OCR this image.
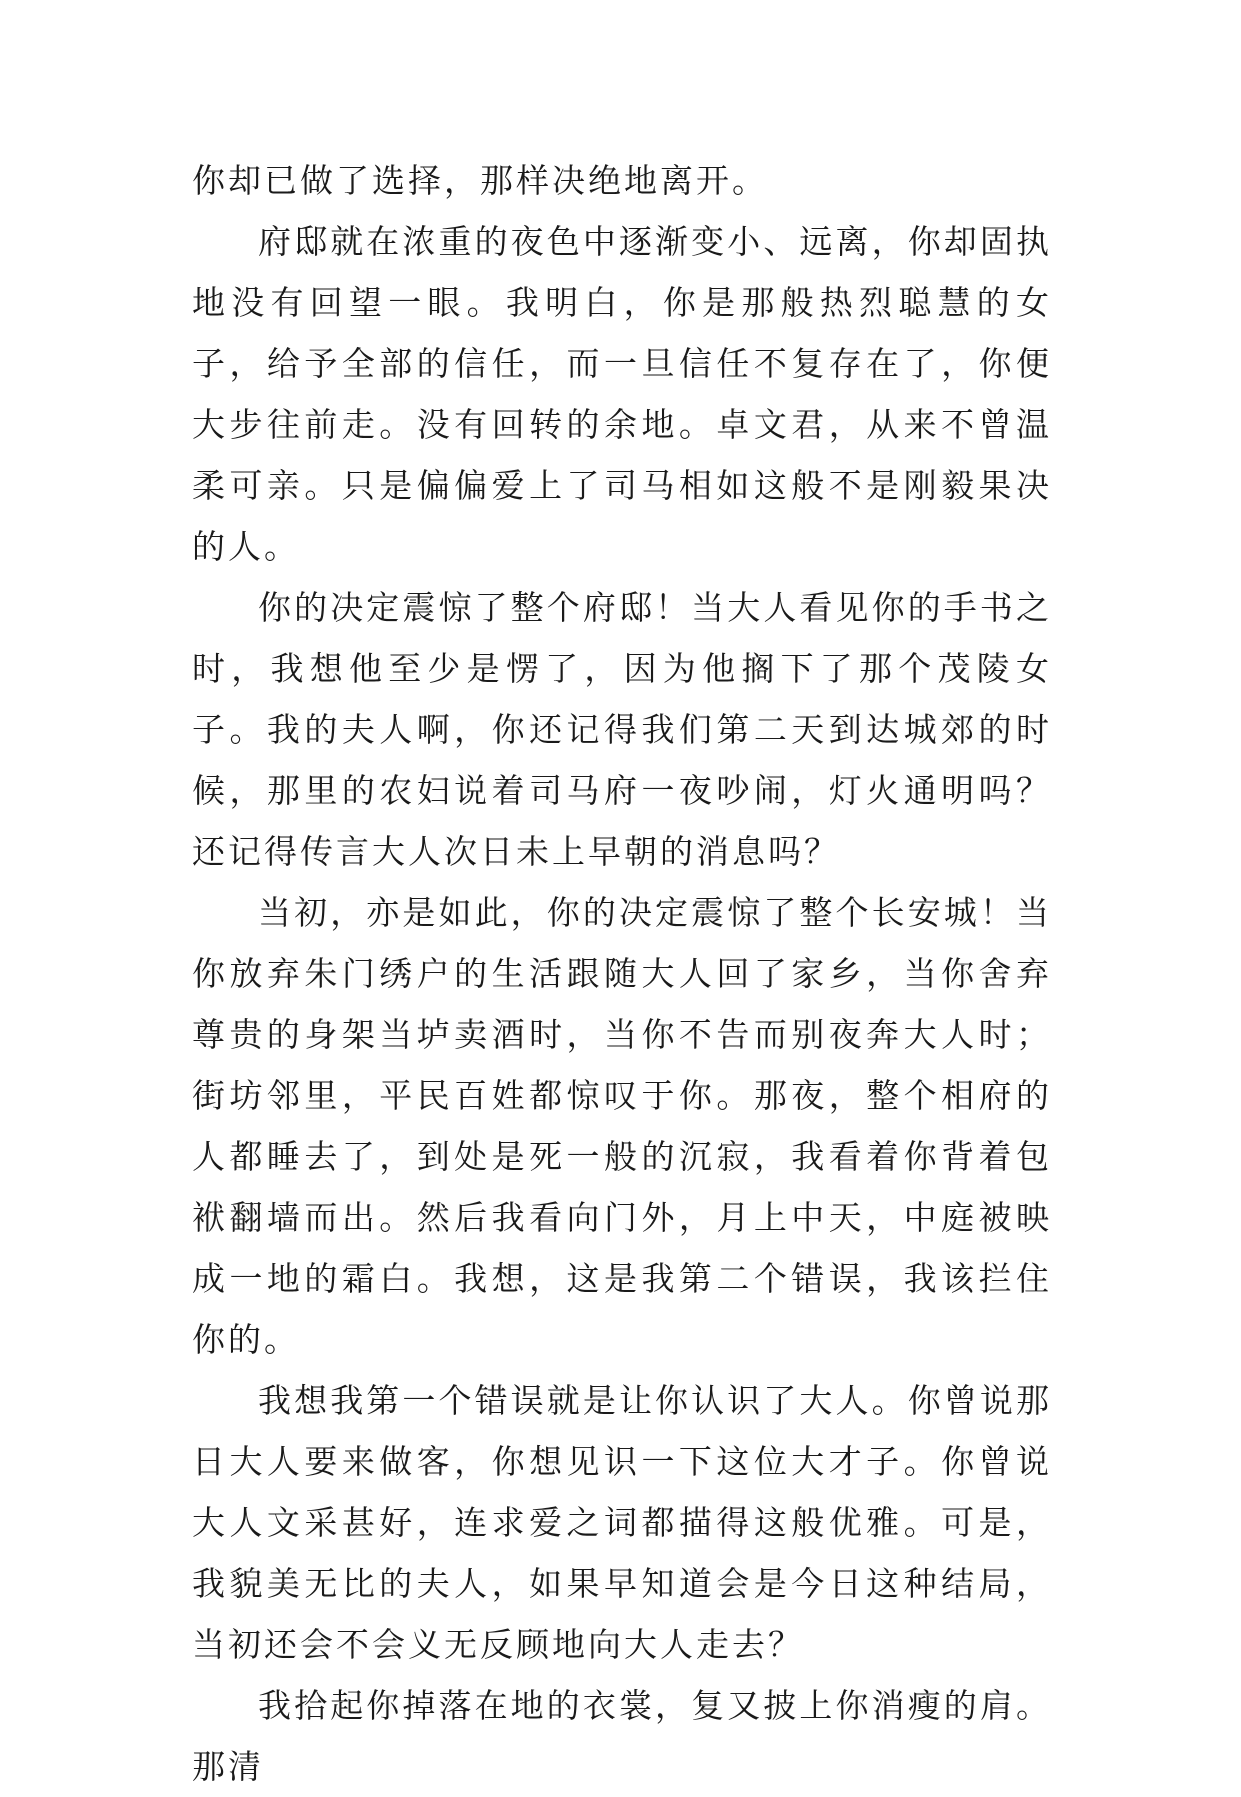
你却已做了选择，那样决绝地离开。

府邸就在浓重的夜色中逐渐变小、远离，你却固执地没有回望一眼。我明白，你是那般热烈聪慧的女子，给予全部的信任，而一旦信任不复存在了，你便大步往前走。没有回转的余地。卓文君，从来不曾温柔可亲。只是偏偏爱上了司马相如这般不是刚毅果决的人。

你的决定震惊了整个府邸！当大人看见你的手书之时，我想他至少是愣了，因为他搁下了那个茂陵女子。我的夫人啊，你还记得我们第二天到达城郊的时候，那里的农妇说着司马府一夜吵闹，灯火通明吗？还记得传言大人次日未上早朝的消息吗？

当初，亦是如此，你的决定震惊了整个长安城！当你放弃朱门绣户的生活跟随大人回了家乡，当你舍弃尊贵的身架当垆卖酒时，当你不告而别夜奔大人时；街坊邻里，平民百姓都惊叹于你。那夜，整个相府的人都睡去了，到处是死一般的沉寂，我看着你背着包袱翻墙而出。然后我看向门外，月上中天，中庭被映成一地的霜白。我想，这是我第二个错误，我该拦住你的。

我想我第一个错误就是让你认识了大人。你曾说那日大人要来做客，你想见识一下这位大才子。你曾说大人文采甚好，连求爱之词都描得这般优雅。可是，我貌美无比的夫人，如果早知道会是今日这种结局，当初还会不会义无反顾地向大人走去？

我拾起你掉落在地的衣裳，复又披上你消瘦的肩。那清
